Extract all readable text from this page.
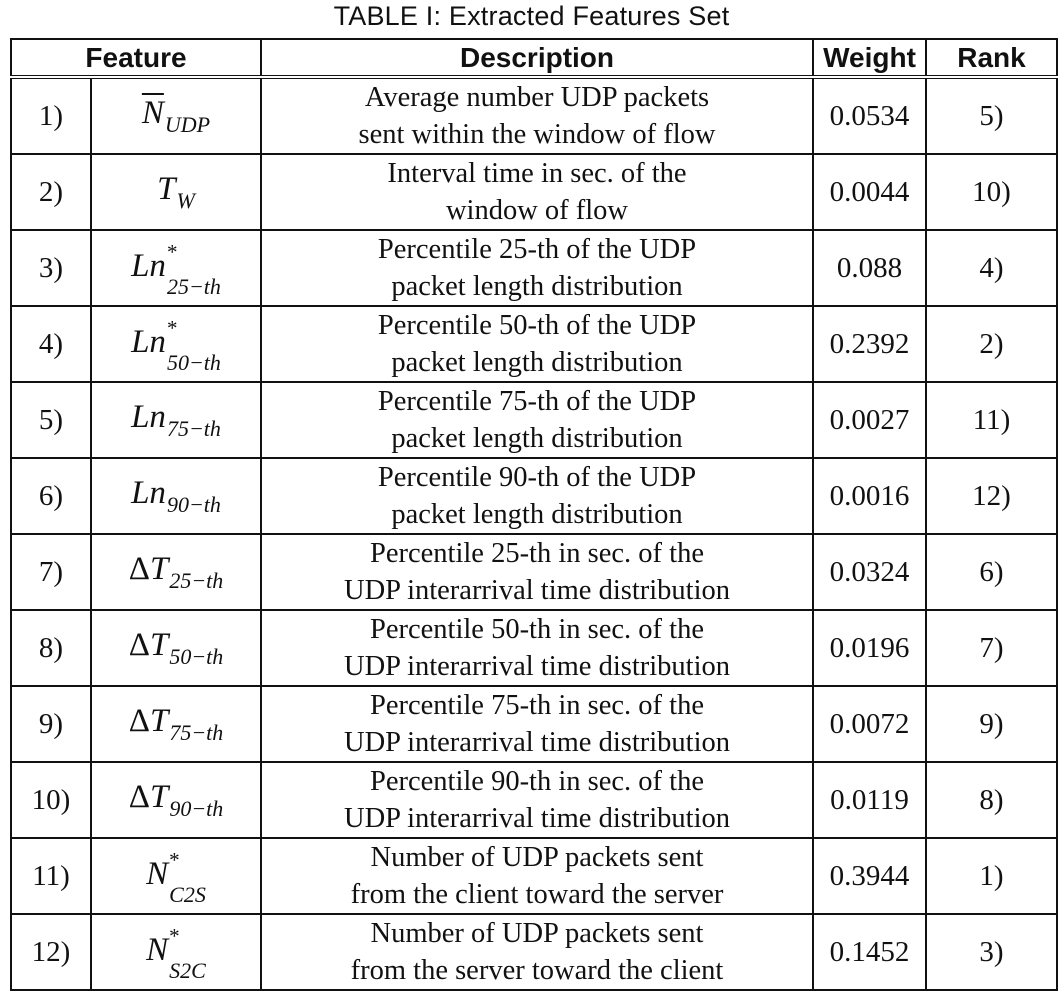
TABLE I: Extracted Features Set
Feature		Description	Weight	Rank
1)	$\overline{N}_{UDP}$	Average number UDP packets
sent within the window of flow	0.0534	5)
2)	$T_W$	Interval time in sec. of the
window of flow	0.0044	10)
3)	Ln *
25−th	Percentile 25-th of the UDP
packet length distribution	0.088	4)
4)	Ln *
50−th	Percentile 50-th of the UDP
packet length distribution	0.2392	2)
5)	$Ln_{75-th}$	Percentile 75-th of the UDP
packet length distribution	0.0027	11)
6)	$Ln_{90-th}$	Percentile 90-th of the UDP
packet length distribution	0.0016	12)
7)	$\Delta T_{25-th}$	Percentile 25-th in sec. of the
UDP interarrival time distribution	0.0324	6)
8)	$\Delta T_{50-th}$	Percentile 50-th in sec. of the
UDP interarrival time distribution	0.0196	7)
9)	$\Delta T_{75-th}$	Percentile 75-th in sec. of the
UDP interarrival time distribution	0.0072	9)
10)	$\Delta T_{90-th}$	Percentile 90-th in sec. of the
UDP interarrival time distribution	0.0119	8)
11)	N *
C2S	Number of UDP packets sent
from the client toward the server	0.3944	1)
12)	N *
S2C	Number of UDP packets sent
from the server toward the client	0.1452	3)
